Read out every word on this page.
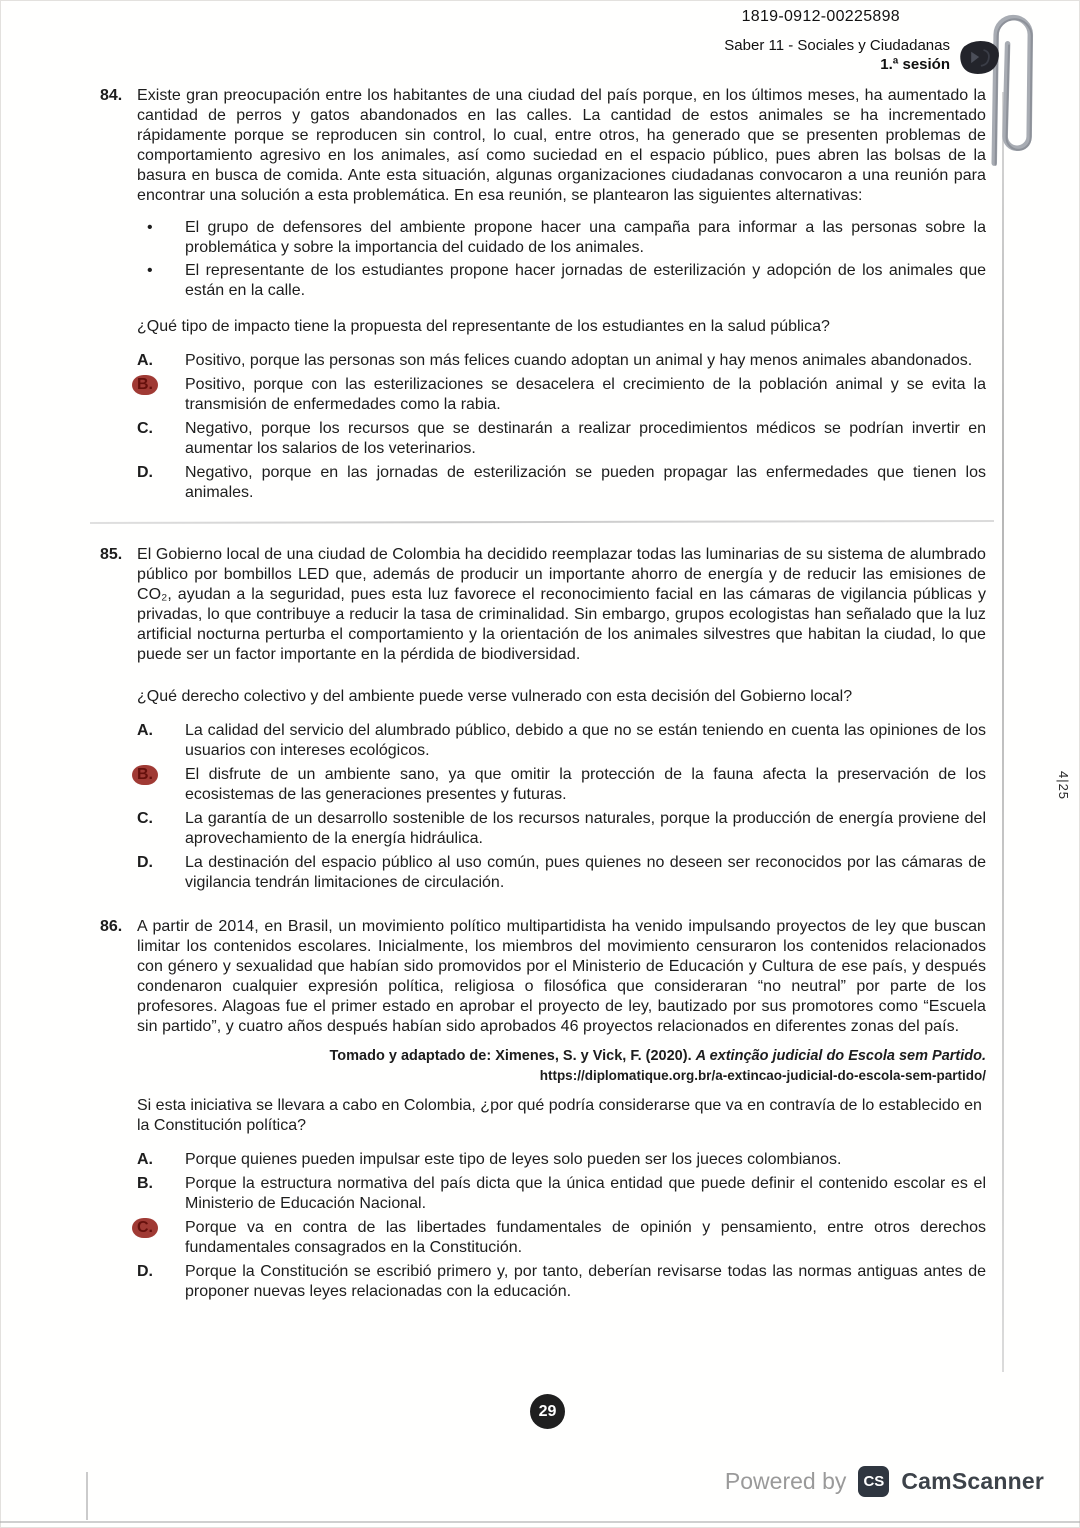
1819-0912-00225898
Saber 11 - Sociales y Ciudadanas
1.ª sesión
84. Existe gran preocupación entre los habitantes de una ciudad del país porque, en los últimos meses, ha aumentado la cantidad de perros y gatos abandonados en las calles. La cantidad de estos animales se ha incrementado rápidamente porque se reproducen sin control, lo cual, entre otros, ha generado que se presenten problemas de comportamiento agresivo en los animales, así como suciedad en el espacio público, pues abren las bolsas de la basura en busca de comida. Ante esta situación, algunas organizaciones ciudadanas convocaron a una reunión para encontrar una solución a esta problemática. En esa reunión, se plantearon las siguientes alternativas:

•
El grupo de defensores del ambiente propone hacer una campaña para informar a las personas sobre la problemática y sobre la importancia del cuidado de los animales.
•
El representante de los estudiantes propone hacer jornadas de esterilización y adopción de los animales que están en la calle.

¿Qué tipo de impacto tiene la propuesta del representante de los estudiantes en la salud pública?

A.	Positivo, porque las personas son más felices cuando adoptan un animal y hay menos animales abandonados.
B.	Positivo, porque con las esterilizaciones se desacelera el crecimiento de la población animal y se evita la transmisión de enfermedades como la rabia.
C.	Negativo, porque los recursos que se destinarán a realizar procedimientos médicos se podrían invertir en aumentar los salarios de los veterinarios.
D.	Negativo, porque en las jornadas de esterilización se pueden propagar las enfermedades que tienen los animales.
85. El Gobierno local de una ciudad de Colombia ha decidido reemplazar todas las luminarias de su sistema de alumbrado público por bombillos LED que, además de producir un importante ahorro de energía y de reducir las emisiones de CO₂, ayudan a la seguridad, pues esta luz favorece el reconocimiento facial en las cámaras de vigilancia públicas y privadas, lo que contribuye a reducir la tasa de criminalidad. Sin embargo, grupos ecologistas han señalado que la luz artificial nocturna perturba el comportamiento y la orientación de los animales silvestres que habitan la ciudad, lo que puede ser un factor importante en la pérdida de biodiversidad.

¿Qué derecho colectivo y del ambiente puede verse vulnerado con esta decisión del Gobierno local?

A.	La calidad del servicio del alumbrado público, debido a que no se están teniendo en cuenta las opiniones de los usuarios con intereses ecológicos.
B.	El disfrute de un ambiente sano, ya que omitir la protección de la fauna afecta la preservación de los ecosistemas de las generaciones presentes y futuras.
C.	La garantía de un desarrollo sostenible de los recursos naturales, porque la producción de energía proviene del aprovechamiento de la energía hidráulica.
D.	La destinación del espacio público al uso común, pues quienes no deseen ser reconocidos por las cámaras de vigilancia tendrán limitaciones de circulación.
86. A partir de 2014, en Brasil, un movimiento político multipartidista ha venido impulsando proyectos de ley que buscan limitar los contenidos escolares. Inicialmente, los miembros del movimiento censuraron los contenidos relacionados con género y sexualidad que habían sido promovidos por el Ministerio de Educación y Cultura de ese país, y después condenaron cualquier expresión política, religiosa o filosófica que consideraran “no neutral” por parte de los profesores. Alagoas fue el primer estado en aprobar el proyecto de ley, bautizado por sus promotores como “Escuela sin partido”, y cuatro años después habían sido aprobados 46 proyectos relacionados en diferentes zonas del país.

Tomado y adaptado de: Ximenes, S. y Vick, F. (2020). A extinção judicial do Escola sem Partido.
https://diplomatique.org.br/a-extincao-judicial-do-escola-sem-partido/

Si esta iniciativa se llevara a cabo en Colombia, ¿por qué podría considerarse que va en contravía de lo establecido en la Constitución política?

A.	Porque quienes pueden impulsar este tipo de leyes solo pueden ser los jueces colombianos.
B.	Porque la estructura normativa del país dicta que la única entidad que puede definir el contenido escolar es el Ministerio de Educación Nacional.
C.	Porque va en contra de las libertades fundamentales de opinión y pensamiento, entre otros derechos fundamentales consagrados en la Constitución.
D.	Porque la Constitución se escribió primero y, por tanto, deberían revisarse todas las normas antiguas antes de proponer nuevas leyes relacionadas con la educación.
29
Powered by CS CamScanner
4|25
